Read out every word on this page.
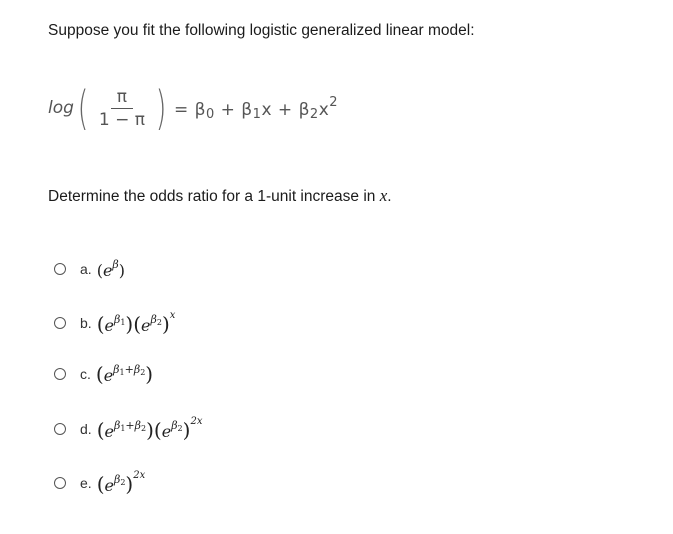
Suppose you fit the following logistic generalized linear model:
log ( $\frac{\pi}{1 - \pi}$ ) = $\beta_0 + \beta_1x + \beta_2x^2$
Determine the odds ratio for a 1-unit increase in x.
a. $(e^\beta)$
b. $(e^{\beta_1})(e^{\beta_2})^x$
c. $(e^{\beta_1+\beta_2})$
d. $(e^{\beta_1+\beta_2})(e^{\beta_2})^{2x}$
e. $(e^{\beta_2})^{2x}$
